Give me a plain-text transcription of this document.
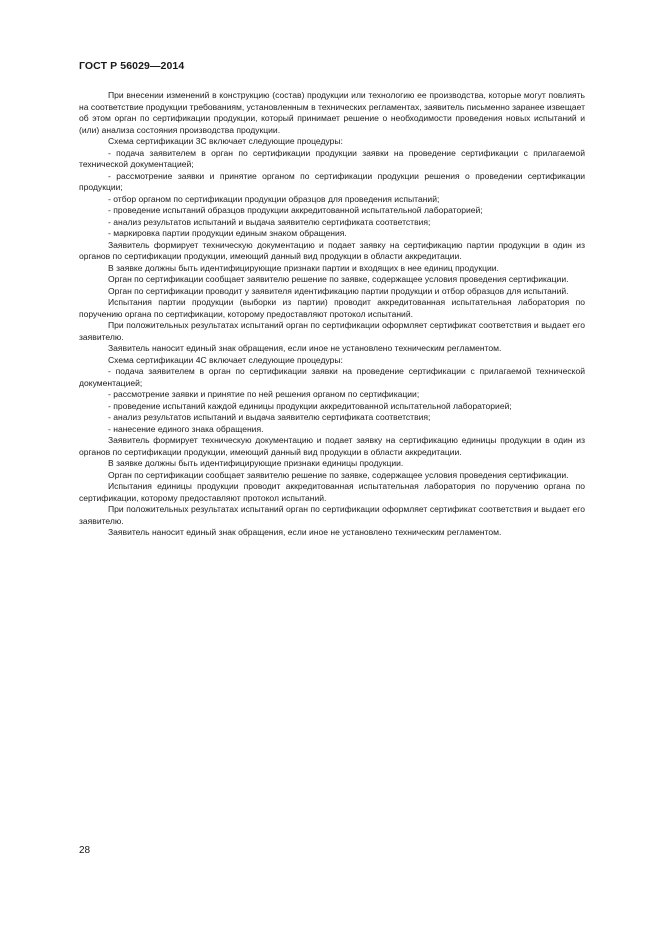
ГОСТ Р 56029—2014

При внесении изменений в конструкцию (состав) продукции или технологию ее производства, которые могут повлиять на соответствие продукции требованиям, установленным в технических регламентах, заявитель письменно заранее извещает об этом орган по сертификации продукции, который принимает решение о необходимости проведения новых испытаний и (или) анализа состояния производства продукции.

Схема сертификации 3С включает следующие процедуры:

- подача заявителем в орган по сертификации продукции заявки на проведение сертификации с прилагаемой технической документацией;

- рассмотрение заявки и принятие органом по сертификации продукции решения о проведении сертификации продукции;

- отбор органом по сертификации продукции образцов для проведения испытаний;

- проведение испытаний образцов продукции аккредитованной испытательной лабораторией;

- анализ результатов испытаний и выдача заявителю сертификата соответствия;

- маркировка партии продукции единым знаком обращения.

Заявитель формирует техническую документацию и подает заявку на сертификацию партии продукции в один из органов по сертификации продукции, имеющий данный вид продукции в области аккредитации.

В заявке должны быть идентифицирующие признаки партии и входящих в нее единиц продукции.

Орган по сертификации сообщает заявителю решение по заявке, содержащее условия проведения сертификации.

Орган по сертификации проводит у заявителя идентификацию партии продукции и отбор образцов для испытаний.

Испытания партии продукции (выборки из партии) проводит аккредитованная испытательная лаборатория по поручению органа по сертификации, которому предоставляют протокол испытаний.

При положительных результатах испытаний орган по сертификации оформляет сертификат соответствия и выдает его заявителю.

Заявитель наносит единый знак обращения, если иное не установлено техническим регламентом.

Схема сертификации 4С включает следующие процедуры:

- подача заявителем в орган по сертификации заявки на проведение сертификации с прилагаемой технической документацией;

- рассмотрение заявки и принятие по ней решения органом по сертификации;

- проведение испытаний каждой единицы продукции аккредитованной испытательной лабораторией;

- анализ результатов испытаний и выдача заявителю сертификата соответствия;

- нанесение единого знака обращения.

Заявитель формирует техническую документацию и подает заявку на сертификацию единицы продукции в один из органов по сертификации продукции, имеющий данный вид продукции в области аккредитации.

В заявке должны быть идентифицирующие признаки единицы продукции.

Орган по сертификации сообщает заявителю решение по заявке, содержащее условия проведения сертификации.

Испытания единицы продукции проводит аккредитованная испытательная лаборатория по поручению органа по сертификации, которому предоставляют протокол испытаний.

При положительных результатах испытаний орган по сертификации оформляет сертификат соответствия и выдает его заявителю.

Заявитель наносит единый знак обращения, если иное не установлено техническим регламентом.

28
